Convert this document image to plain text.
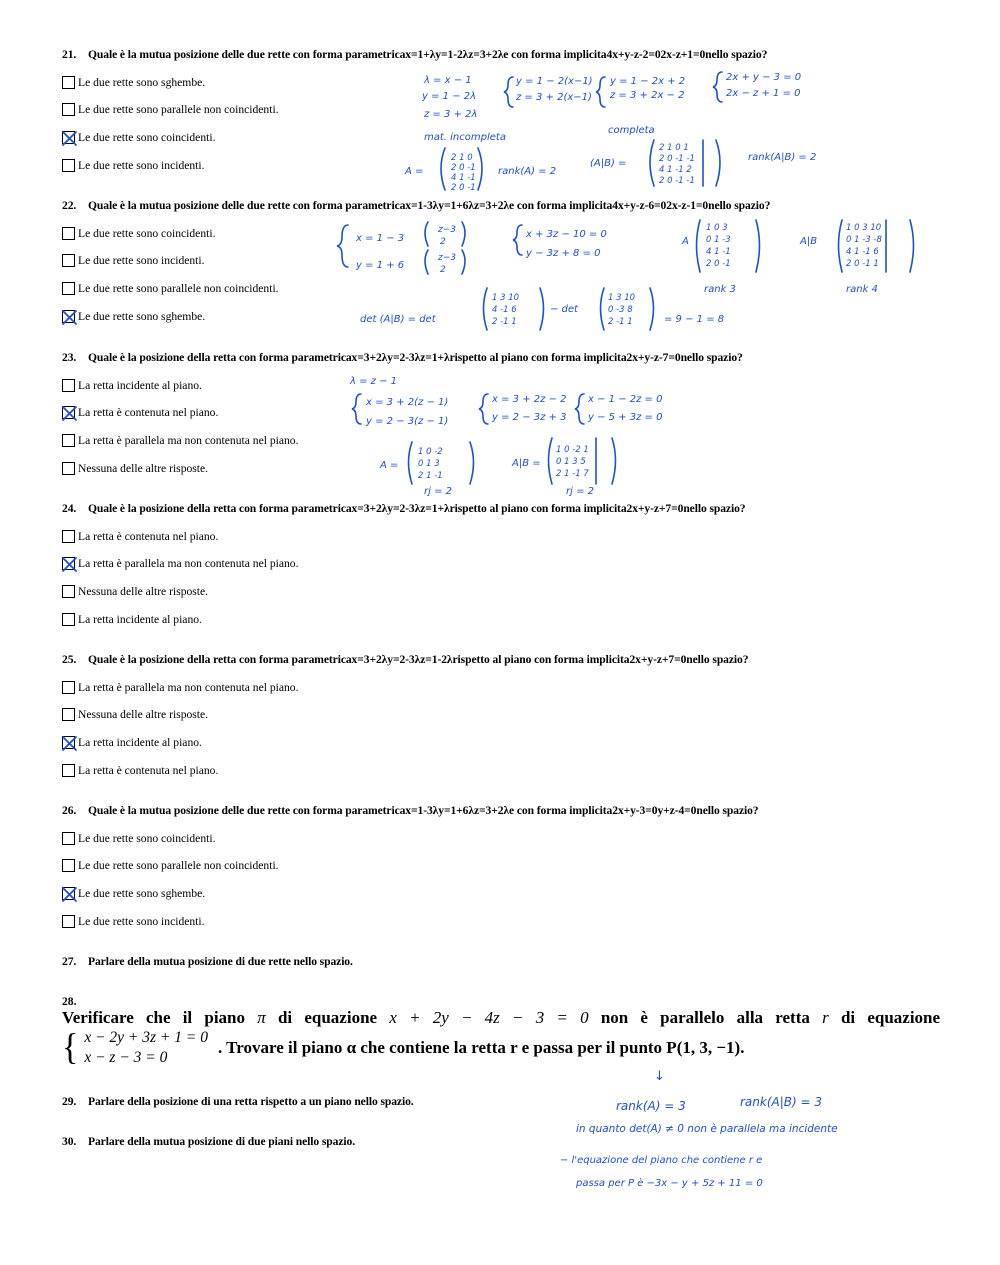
21. Quale è la mutua posizione delle due rette con forma parametricax=1+λy=1-2λz=3+2λe con forma implicita4x+y-z-2=02x-z+1=0nello spazio?
Le due rette sono sghembe.
Le due rette sono parallele non coincidenti.
Le due rette sono coincidenti.
Le due rette sono incidenti.
22. Quale è la mutua posizione delle due rette con forma parametricax=1-3λy=1+6λz=3+2λe con forma implicita4x+y-z-6=02x-z-1=0nello spazio?
Le due rette sono coincidenti.
Le due rette sono incidenti.
Le due rette sono parallele non coincidenti.
Le due rette sono sghembe.
23. Quale è la posizione della retta con forma parametricax=3+2λy=2-3λz=1+λrispetto al piano con forma implicita2x+y-z-7=0nello spazio?
La retta incidente al piano.
La retta è contenuta nel piano.
La retta è parallela ma non contenuta nel piano.
Nessuna delle altre risposte.
24. Quale è la posizione della retta con forma parametricax=3+2λy=2-3λz=1+λrispetto al piano con forma implicita2x+y-z+7=0nello spazio?
La retta è contenuta nel piano.
La retta è parallela ma non contenuta nel piano.
Nessuna delle altre risposte.
La retta incidente al piano.
25. Quale è la posizione della retta con forma parametricax=3+2λy=2-3λz=1-2λrispetto al piano con forma implicita2x+y-z+7=0nello spazio?
La retta è parallela ma non contenuta nel piano.
Nessuna delle altre risposte.
La retta incidente al piano.
La retta è contenuta nel piano.
26. Quale è la mutua posizione delle due rette con forma parametricax=1-3λy=1+6λz=3+2λe con forma implicita2x+y-3=0y+z-4=0nello spazio?
Le due rette sono coincidenti.
Le due rette sono parallele non coincidenti.
Le due rette sono sghembe.
Le due rette sono incidenti.
27. Parlare della mutua posizione di due rette nello spazio.
28.
Verificare che il piano π di equazione x + 2y − 4z − 3 = 0 non è parallelo alla retta r di equazione
{ x − 2y + 3z + 1 = 0
x − z − 3 = 0
. Trovare il piano α che contiene la retta r e passa per il punto P(1, 3, −1).
29. Parlare della posizione di una retta rispetto a un piano nello spazio.
30. Parlare della mutua posizione di due piani nello spazio.
λ = x − 1
y = 1 − 2λ
z = 3 + 2λ
y = 1 − 2(x−1)
z = 3 + 2(x−1)
y = 1 − 2x + 2
z = 3 + 2x − 2
2x + y − 3 = 0
2x − z + 1 = 0
mat. incompleta
completa
A =
2 1 0
2 0 -1
4 1 -1
2 0 -1
rank(A) = 2
(A|B) =
2 1 0 1
2 0 -1 -1
4 1 -1 2
2 0 -1 -1
rank(A|B) = 2
x = 1 − 3
z−3
2
y = 1 + 6
z−3
2
x + 3z − 10 = 0
y − 3z + 8 = 0
A
1 0 3
0 1 -3
4 1 -1
2 0 -1
A|B
1 0 3 10
0 1 -3 -8
4 1 -1 6
2 0 -1 1
rank 3	rank 4
det (A|B) = det
1 3 10
4 -1 6
2 -1 1
− det
1 3 10
0 -3 8
2 -1 1	= 9 − 1 = 8
λ = z − 1
x = 3 + 2(z − 1)
y = 2 − 3(z − 1)
x = 3 + 2z − 2
y = 2 − 3z + 3
x − 1 − 2z = 0
y − 5 + 3z = 0
A =
1 0 -2
0 1 3
2 1 -1
A|B =
1 0 -2 1
0 1 3 5
2 1 -1 7
rj = 2	rj = 2
↓
rank(A) = 3	rank(A|B) = 3
in quanto det(A) ≠ 0 non è parallela ma incidente
− l'equazione del piano che contiene r e
passa per P è −3x − y + 5z + 11 = 0
